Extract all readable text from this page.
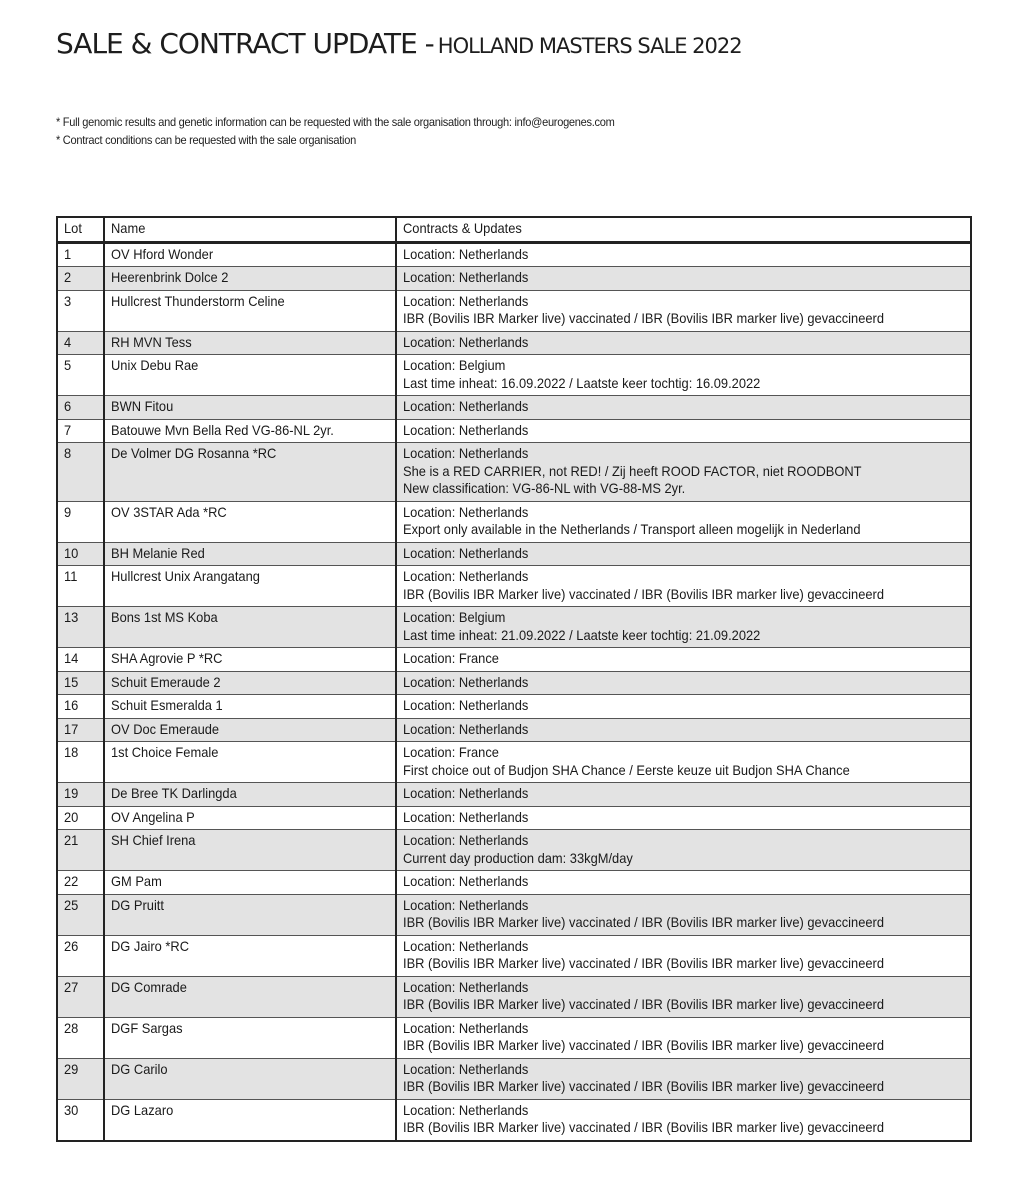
SALE & CONTRACT UPDATE - HOLLAND MASTERS SALE 2022
* Full genomic results and genetic information can be requested with the sale organisation through: info@eurogenes.com
* Contract conditions can be requested with the sale organisation
Lot	Name	Contracts & Updates

1	OV Hford Wonder	Location: Netherlands

2	Heerenbrink Dolce 2	Location: Netherlands

3	Hullcrest Thunderstorm Celine	Location: Netherlands
IBR (Bovilis IBR Marker live) vaccinated / IBR (Bovilis IBR marker live) gevaccineerd

4	RH MVN Tess	Location: Netherlands

5	Unix Debu Rae	Location: Belgium
Last time inheat: 16.09.2022 / Laatste keer tochtig: 16.09.2022

6	BWN Fitou	Location: Netherlands

7	Batouwe Mvn Bella Red VG-86-NL 2yr.	Location: Netherlands

8	De Volmer DG Rosanna *RC	Location: Netherlands
She is a RED CARRIER, not RED! / Zij heeft ROOD FACTOR, niet ROODBONT
New classification: VG-86-NL with VG-88-MS 2yr.

9	OV 3STAR Ada *RC	Location: Netherlands
Export only available in the Netherlands / Transport alleen mogelijk in Nederland

10	BH Melanie Red	Location: Netherlands

11	Hullcrest Unix Arangatang	Location: Netherlands
IBR (Bovilis IBR Marker live) vaccinated / IBR (Bovilis IBR marker live) gevaccineerd

13	Bons 1st MS Koba	Location: Belgium
Last time inheat: 21.09.2022 / Laatste keer tochtig: 21.09.2022

14	SHA Agrovie P *RC	Location: France

15	Schuit Emeraude 2	Location: Netherlands

16	Schuit Esmeralda 1	Location: Netherlands

17	OV Doc Emeraude	Location: Netherlands

18	1st Choice Female	Location: France
First choice out of Budjon SHA Chance / Eerste keuze uit Budjon SHA Chance

19	De Bree TK Darlingda	Location: Netherlands

20	OV Angelina P	Location: Netherlands

21	SH Chief Irena	Location: Netherlands
Current day production dam: 33kgM/day

22	GM Pam	Location: Netherlands

25	DG Pruitt	Location: Netherlands
IBR (Bovilis IBR Marker live) vaccinated / IBR (Bovilis IBR marker live) gevaccineerd

26	DG Jairo *RC	Location: Netherlands
IBR (Bovilis IBR Marker live) vaccinated / IBR (Bovilis IBR marker live) gevaccineerd

27	DG Comrade	Location: Netherlands
IBR (Bovilis IBR Marker live) vaccinated / IBR (Bovilis IBR marker live) gevaccineerd

28	DGF Sargas	Location: Netherlands
IBR (Bovilis IBR Marker live) vaccinated / IBR (Bovilis IBR marker live) gevaccineerd

29	DG Carilo	Location: Netherlands
IBR (Bovilis IBR Marker live) vaccinated / IBR (Bovilis IBR marker live) gevaccineerd

30	DG Lazaro	Location: Netherlands
IBR (Bovilis IBR Marker live) vaccinated / IBR (Bovilis IBR marker live) gevaccineerd
